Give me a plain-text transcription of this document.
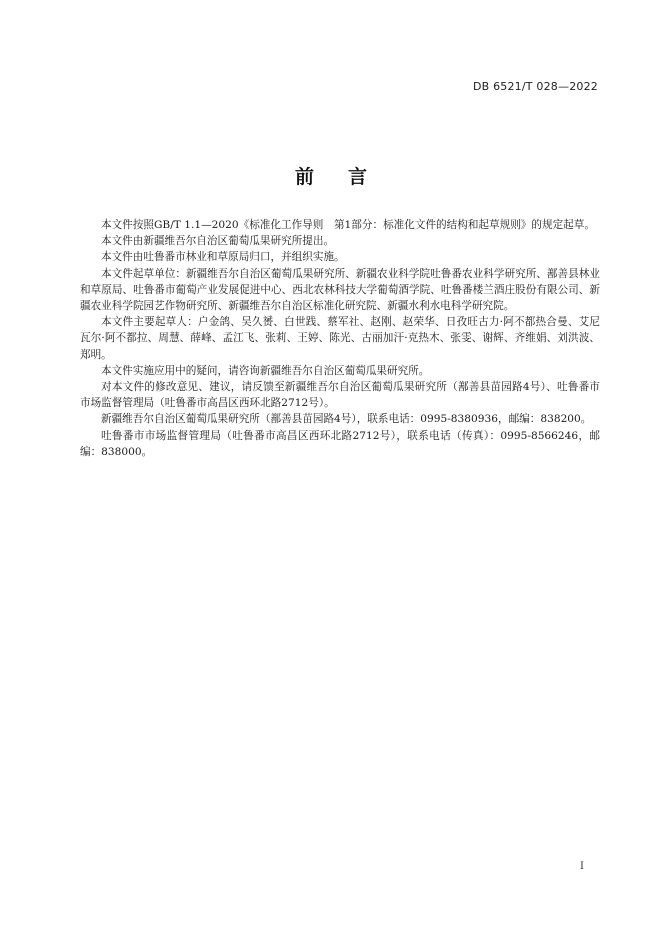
DB 6521/T 028—2022
前言

本文件按照GB/T 1.1—2020《标准化工作导则　第1部分：标准化文件的结构和起草规则》的规定起草。

本文件由新疆维吾尔自治区葡萄瓜果研究所提出。

本文件由吐鲁番市林业和草原局归口，并组织实施。

本文件起草单位：新疆维吾尔自治区葡萄瓜果研究所、新疆农业科学院吐鲁番农业科学研究所、鄯善县林业和草原局、吐鲁番市葡萄产业发展促进中心、西北农林科技大学葡萄酒学院、吐鲁番楼兰酒庄股份有限公司、新疆农业科学院园艺作物研究所、新疆维吾尔自治区标准化研究院、新疆水利水电科学研究院。

本文件主要起草人：户金鸽、吴久赟、白世践、蔡军社、赵刚、赵荣华、日孜旺古力·阿不都热合曼、艾尼瓦尔·阿不都拉、周慧、薛峰、孟江飞、张莉、王婷、陈光、古丽加汗·克热木、张雯、谢辉、齐维娟、刘洪波、郑明。

本文件实施应用中的疑问，请咨询新疆维吾尔自治区葡萄瓜果研究所。

对本文件的修改意见、建议，请反馈至新疆维吾尔自治区葡萄瓜果研究所（鄯善县苗园路4号）、吐鲁番市市场监督管理局（吐鲁番市高昌区西环北路2712号）。

新疆维吾尔自治区葡萄瓜果研究所（鄯善县苗园路4号），联系电话：0995-8380936，邮编：838200。

吐鲁番市市场监督管理局（吐鲁番市高昌区西环北路2712号），联系电话（传真）：0995-8566246，邮编：838000。

I
